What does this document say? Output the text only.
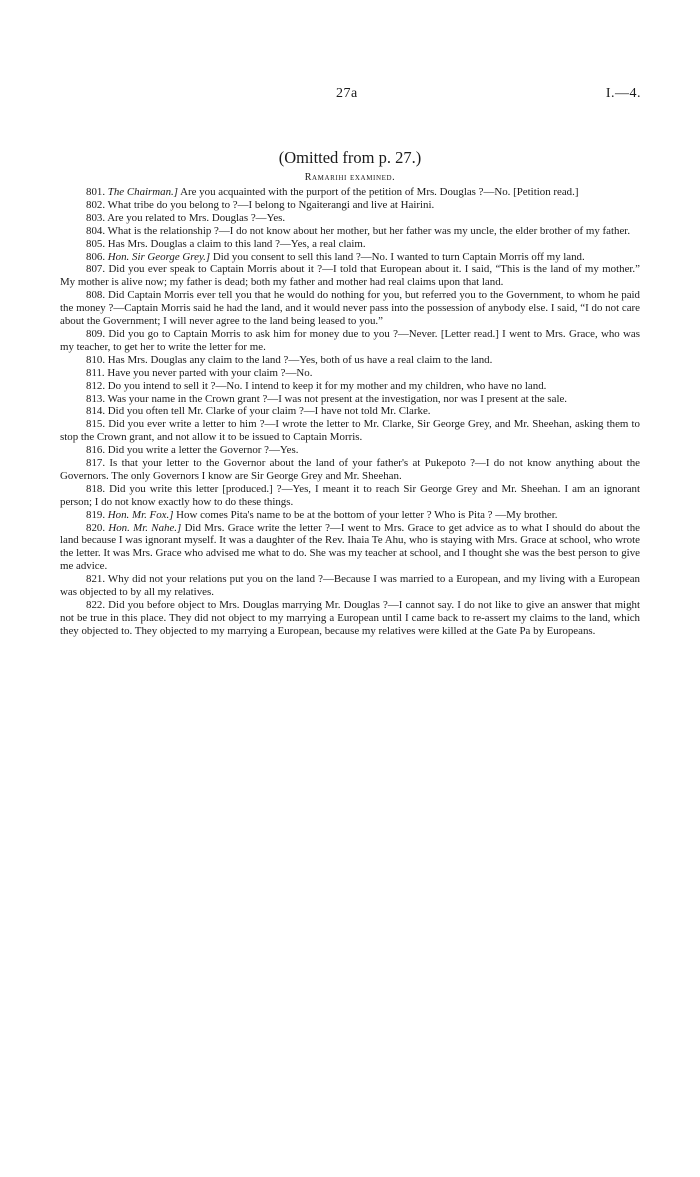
27a	I.—4.
(Omitted from p. 27.)
Ramarihi examined.

801. The Chairman.] Are you acquainted with the purport of the petition of Mrs. Douglas ?—No. [Petition read.]

802. What tribe do you belong to ?—I belong to Ngaiterangi and live at Hairini.

803. Are you related to Mrs. Douglas ?—Yes.

804. What is the relationship ?—I do not know about her mother, but her father was my uncle, the elder brother of my father.

805. Has Mrs. Douglas a claim to this land ?—Yes, a real claim.

806. Hon. Sir George Grey.] Did you consent to sell this land ?—No. I wanted to turn Captain Morris off my land.

807. Did you ever speak to Captain Morris about it ?—I told that European about it. I said, “This is the land of my mother.” My mother is alive now; my father is dead; both my father and mother had real claims upon that land.

808. Did Captain Morris ever tell you that he would do nothing for you, but referred you to the Government, to whom he paid the money ?—Captain Morris said he had the land, and it would never pass into the possession of anybody else. I said, “I do not care about the Government; I will never agree to the land being leased to you.”

809. Did you go to Captain Morris to ask him for money due to you ?—Never. [Letter read.] I went to Mrs. Grace, who was my teacher, to get her to write the letter for me.

810. Has Mrs. Douglas any claim to the land ?—Yes, both of us have a real claim to the land.

811. Have you never parted with your claim ?—No.

812. Do you intend to sell it ?—No. I intend to keep it for my mother and my children, who have no land.

813. Was your name in the Crown grant ?—I was not present at the investigation, nor was I present at the sale.

814. Did you often tell Mr. Clarke of your claim ?—I have not told Mr. Clarke.

815. Did you ever write a letter to him ?—I wrote the letter to Mr. Clarke, Sir George Grey, and Mr. Sheehan, asking them to stop the Crown grant, and not allow it to be issued to Captain Morris.

816. Did you write a letter the Governor ?—Yes.

817. Is that your letter to the Governor about the land of your father's at Pukepoto ?—I do not know anything about the Governors. The only Governors I know are Sir George Grey and Mr. Sheehan.

818. Did you write this letter [produced.] ?—Yes, I meant it to reach Sir George Grey and Mr. Sheehan. I am an ignorant person; I do not know exactly how to do these things.

819. Hon. Mr. Fox.] How comes Pita's name to be at the bottom of your letter ? Who is Pita ? —My brother.

820. Hon. Mr. Nahe.] Did Mrs. Grace write the letter ?—I went to Mrs. Grace to get advice as to what I should do about the land because I was ignorant myself. It was a daughter of the Rev. Ihaia Te Ahu, who is staying with Mrs. Grace at school, who wrote the letter. It was Mrs. Grace who advised me what to do. She was my teacher at school, and I thought she was the best person to give me advice.

821. Why did not your relations put you on the land ?—Because I was married to a European, and my living with a European was objected to by all my relatives.

822. Did you before object to Mrs. Douglas marrying Mr. Douglas ?—I cannot say. I do not like to give an answer that might not be true in this place. They did not object to my marrying a European until I came back to re-assert my claims to the land, which they objected to. They objected to my marrying a European, because my relatives were killed at the Gate Pa by Europeans.
